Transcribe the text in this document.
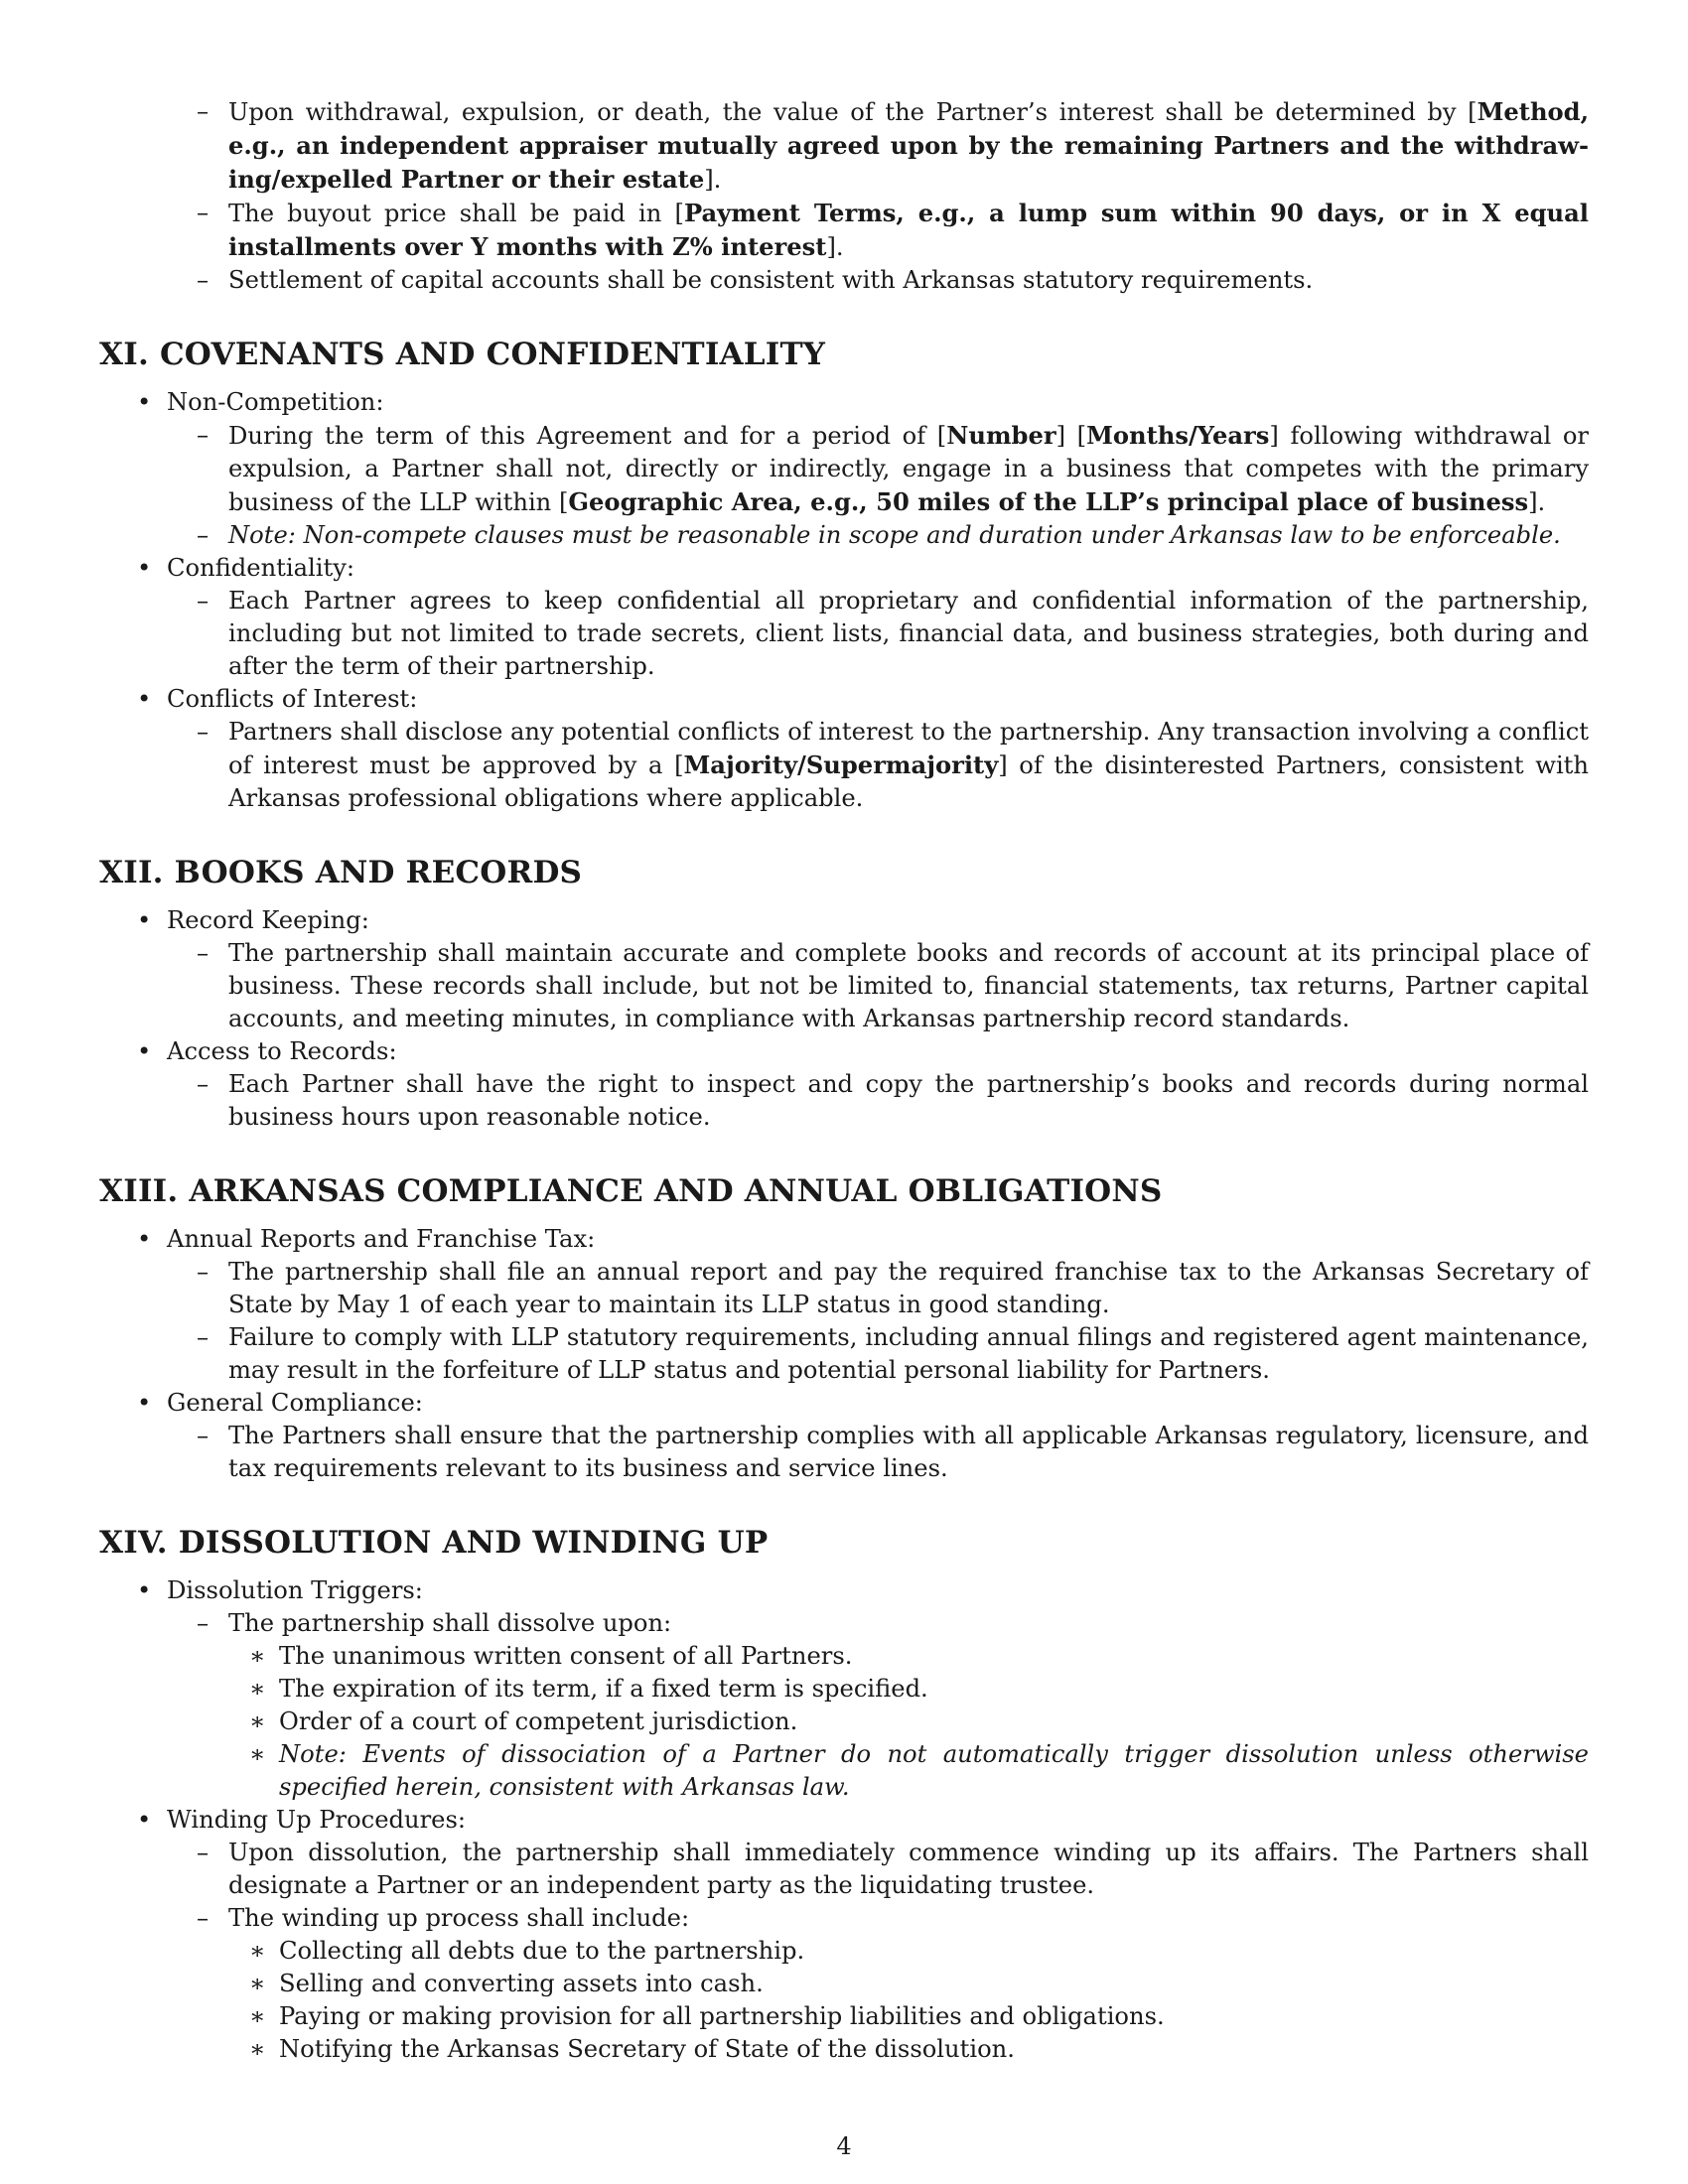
– Upon withdrawal, expulsion, or death, the value of the Partner’s interest shall be determined by [Method, e.g., an independent appraiser mutually agreed upon by the remaining Partners and the withdrawing/expelled Partner or their estate].
– The buyout price shall be paid in [Payment Terms, e.g., a lump sum within 90 days, or in X equal installments over Y months with Z% interest].
– Settlement of capital accounts shall be consistent with Arkansas statutory requirements.
XI. COVENANTS AND CONFIDENTIALITY
• Non-Competition:
– During the term of this Agreement and for a period of [Number] [Months/Years] following withdrawal or expulsion, a Partner shall not, directly or indirectly, engage in a business that competes with the primary business of the LLP within [Geographic Area, e.g., 50 miles of the LLP’s principal place of business].
– Note: Non-compete clauses must be reasonable in scope and duration under Arkansas law to be enforceable.
• Confidentiality:
– Each Partner agrees to keep confidential all proprietary and confidential information of the partnership, including but not limited to trade secrets, client lists, financial data, and business strategies, both during and after the term of their partnership.
• Conflicts of Interest:
– Partners shall disclose any potential conflicts of interest to the partnership. Any transaction involving a conflict of interest must be approved by a [Majority/Supermajority] of the disinterested Partners, consistent with Arkansas professional obligations where applicable.
XII. BOOKS AND RECORDS
• Record Keeping:
– The partnership shall maintain accurate and complete books and records of account at its principal place of business. These records shall include, but not be limited to, financial statements, tax returns, Partner capital accounts, and meeting minutes, in compliance with Arkansas partnership record standards.
• Access to Records:
– Each Partner shall have the right to inspect and copy the partnership’s books and records during normal business hours upon reasonable notice.
XIII. ARKANSAS COMPLIANCE AND ANNUAL OBLIGATIONS
• Annual Reports and Franchise Tax:
– The partnership shall file an annual report and pay the required franchise tax to the Arkansas Secretary of State by May 1 of each year to maintain its LLP status in good standing.
– Failure to comply with LLP statutory requirements, including annual filings and registered agent maintenance, may result in the forfeiture of LLP status and potential personal liability for Partners.
• General Compliance:
– The Partners shall ensure that the partnership complies with all applicable Arkansas regulatory, licensure, and tax requirements relevant to its business and service lines.
XIV. DISSOLUTION AND WINDING UP
• Dissolution Triggers:
– The partnership shall dissolve upon:
∗ The unanimous written consent of all Partners.
∗ The expiration of its term, if a fixed term is specified.
∗ Order of a court of competent jurisdiction.
∗ Note: Events of dissociation of a Partner do not automatically trigger dissolution unless otherwise specified herein, consistent with Arkansas law.
• Winding Up Procedures:
– Upon dissolution, the partnership shall immediately commence winding up its affairs. The Partners shall designate a Partner or an independent party as the liquidating trustee.
– The winding up process shall include:
∗ Collecting all debts due to the partnership.
∗ Selling and converting assets into cash.
∗ Paying or making provision for all partnership liabilities and obligations.
∗ Notifying the Arkansas Secretary of State of the dissolution.
4
